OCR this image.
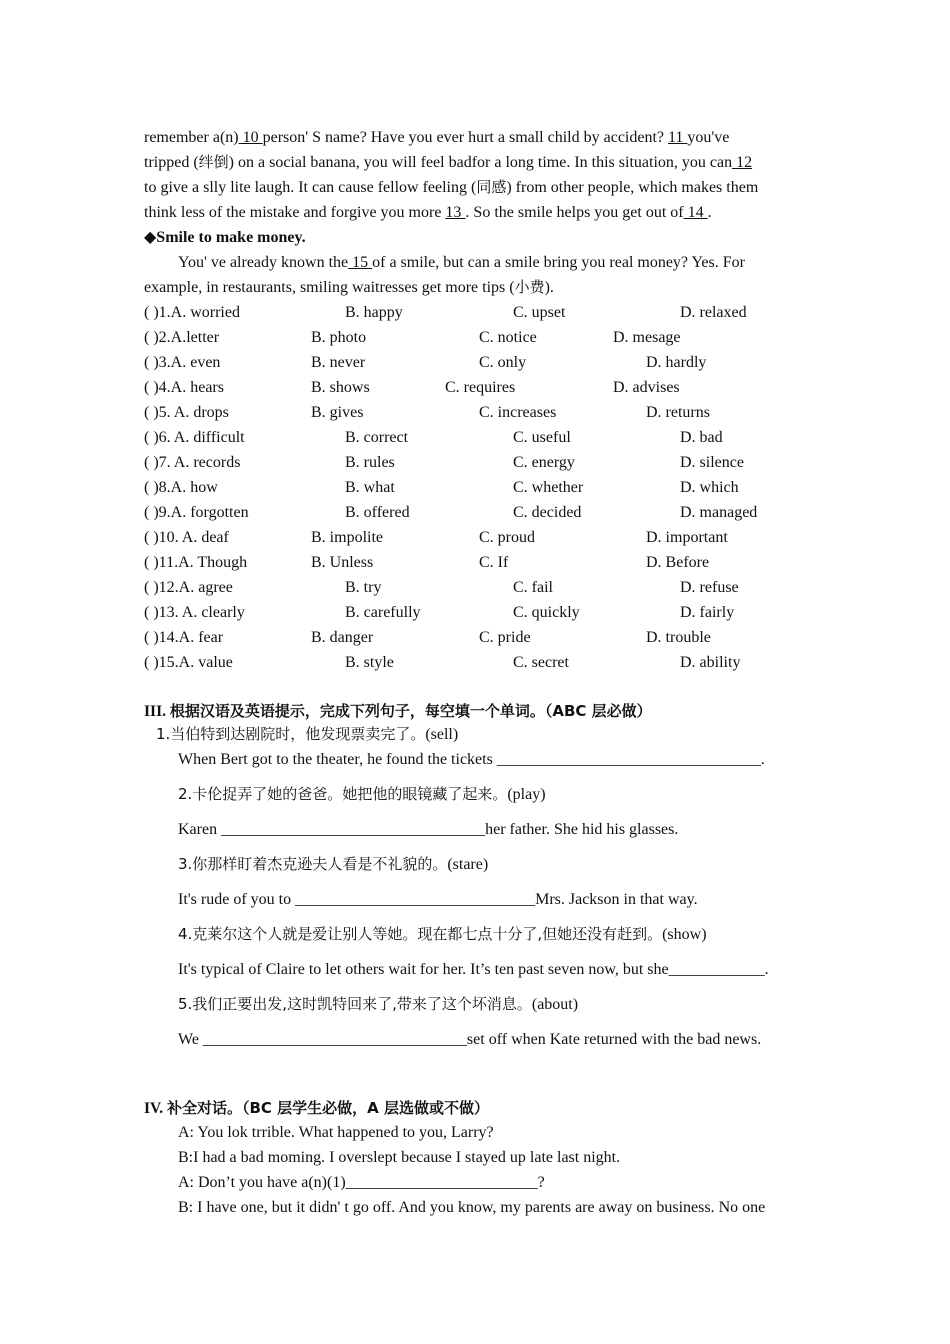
remember a(n) 10 person' S name? Have you ever hurt a small child by accident? 11 you've
tripped (绊倒) on a social banana, you will feel badfor a long time. In this situation, you can 12
to give a slly lite laugh. It can cause fellow feeling (同感) from other people, which makes them
think less of the mistake and forgive you more 13 . So the smile helps you get out of 14 .
◆Smile to make money.
You' ve already known the 15 of a smile, but can a smile bring you real money? Yes. For
example, in restaurants, smiling waitresses get more tips (小费).
( )1.A. worried	B. happy	C. upset	D. relaxed
( )2.A.letter	B. photo	C. notice	D. mesage
( )3.A. even	B. never	C. only	D. hardly
( )4.A. hears	B. shows	C. requires	D. advises
( )5. A. drops	B. gives	C. increases	D. returns
( )6. A. difficult	B. correct	C. useful	D. bad
( )7. A. records	B. rules	C. energy	D. silence
( )8.A. how	B. what	C. whether	D. which
( )9.A. forgotten	B. offered	C. decided	D. managed
( )10. A. deaf	B. impolite	C. proud	D. important
( )11.A. Though	B. Unless	C. If	D. Before
( )12.A. agree	B. try	C. fail	D. refuse
( )13. A. clearly	B. carefully	C. quickly	D. fairly
( )14.A. fear	B. danger	C. pride	D. trouble
( )15.A. value	B. style	C. secret	D. ability
III. 根据汉语及英语提示，完成下列句子，每空填一个单词。（ABC 层必做）
1.当伯特到达剧院时，他发现票卖完了。(sell)
When Bert got to the theater, he found the tickets _________________________________.
2.卡伦捉弄了她的爸爸。她把他的眼镜藏了起来。(play)
Karen _________________________________her father. She hid his glasses.
3.你那样盯着杰克逊夫人看是不礼貌的。(stare)
It's rude of you to ______________________________Mrs. Jackson in that way.
4.克莱尔这个人就是爱让别人等她。现在都七点十分了,但她还没有赶到。(show)
It's typical of Claire to let others wait for her. It’s ten past seven now, but she____________.
5.我们正要出发,这时凯特回来了,带来了这个坏消息。(about)
We _________________________________set off when Kate returned with the bad news.
IV. 补全对话。（BC 层学生必做，A 层选做或不做）
A: You lok trrible. What happened to you, Larry?
B:I had a bad moming. I overslept because I stayed up late last night.
A: Don’t you have a(n)(1)________________________?
B: I have one, but it didn' t go off. And you know, my parents are away on business. No one
